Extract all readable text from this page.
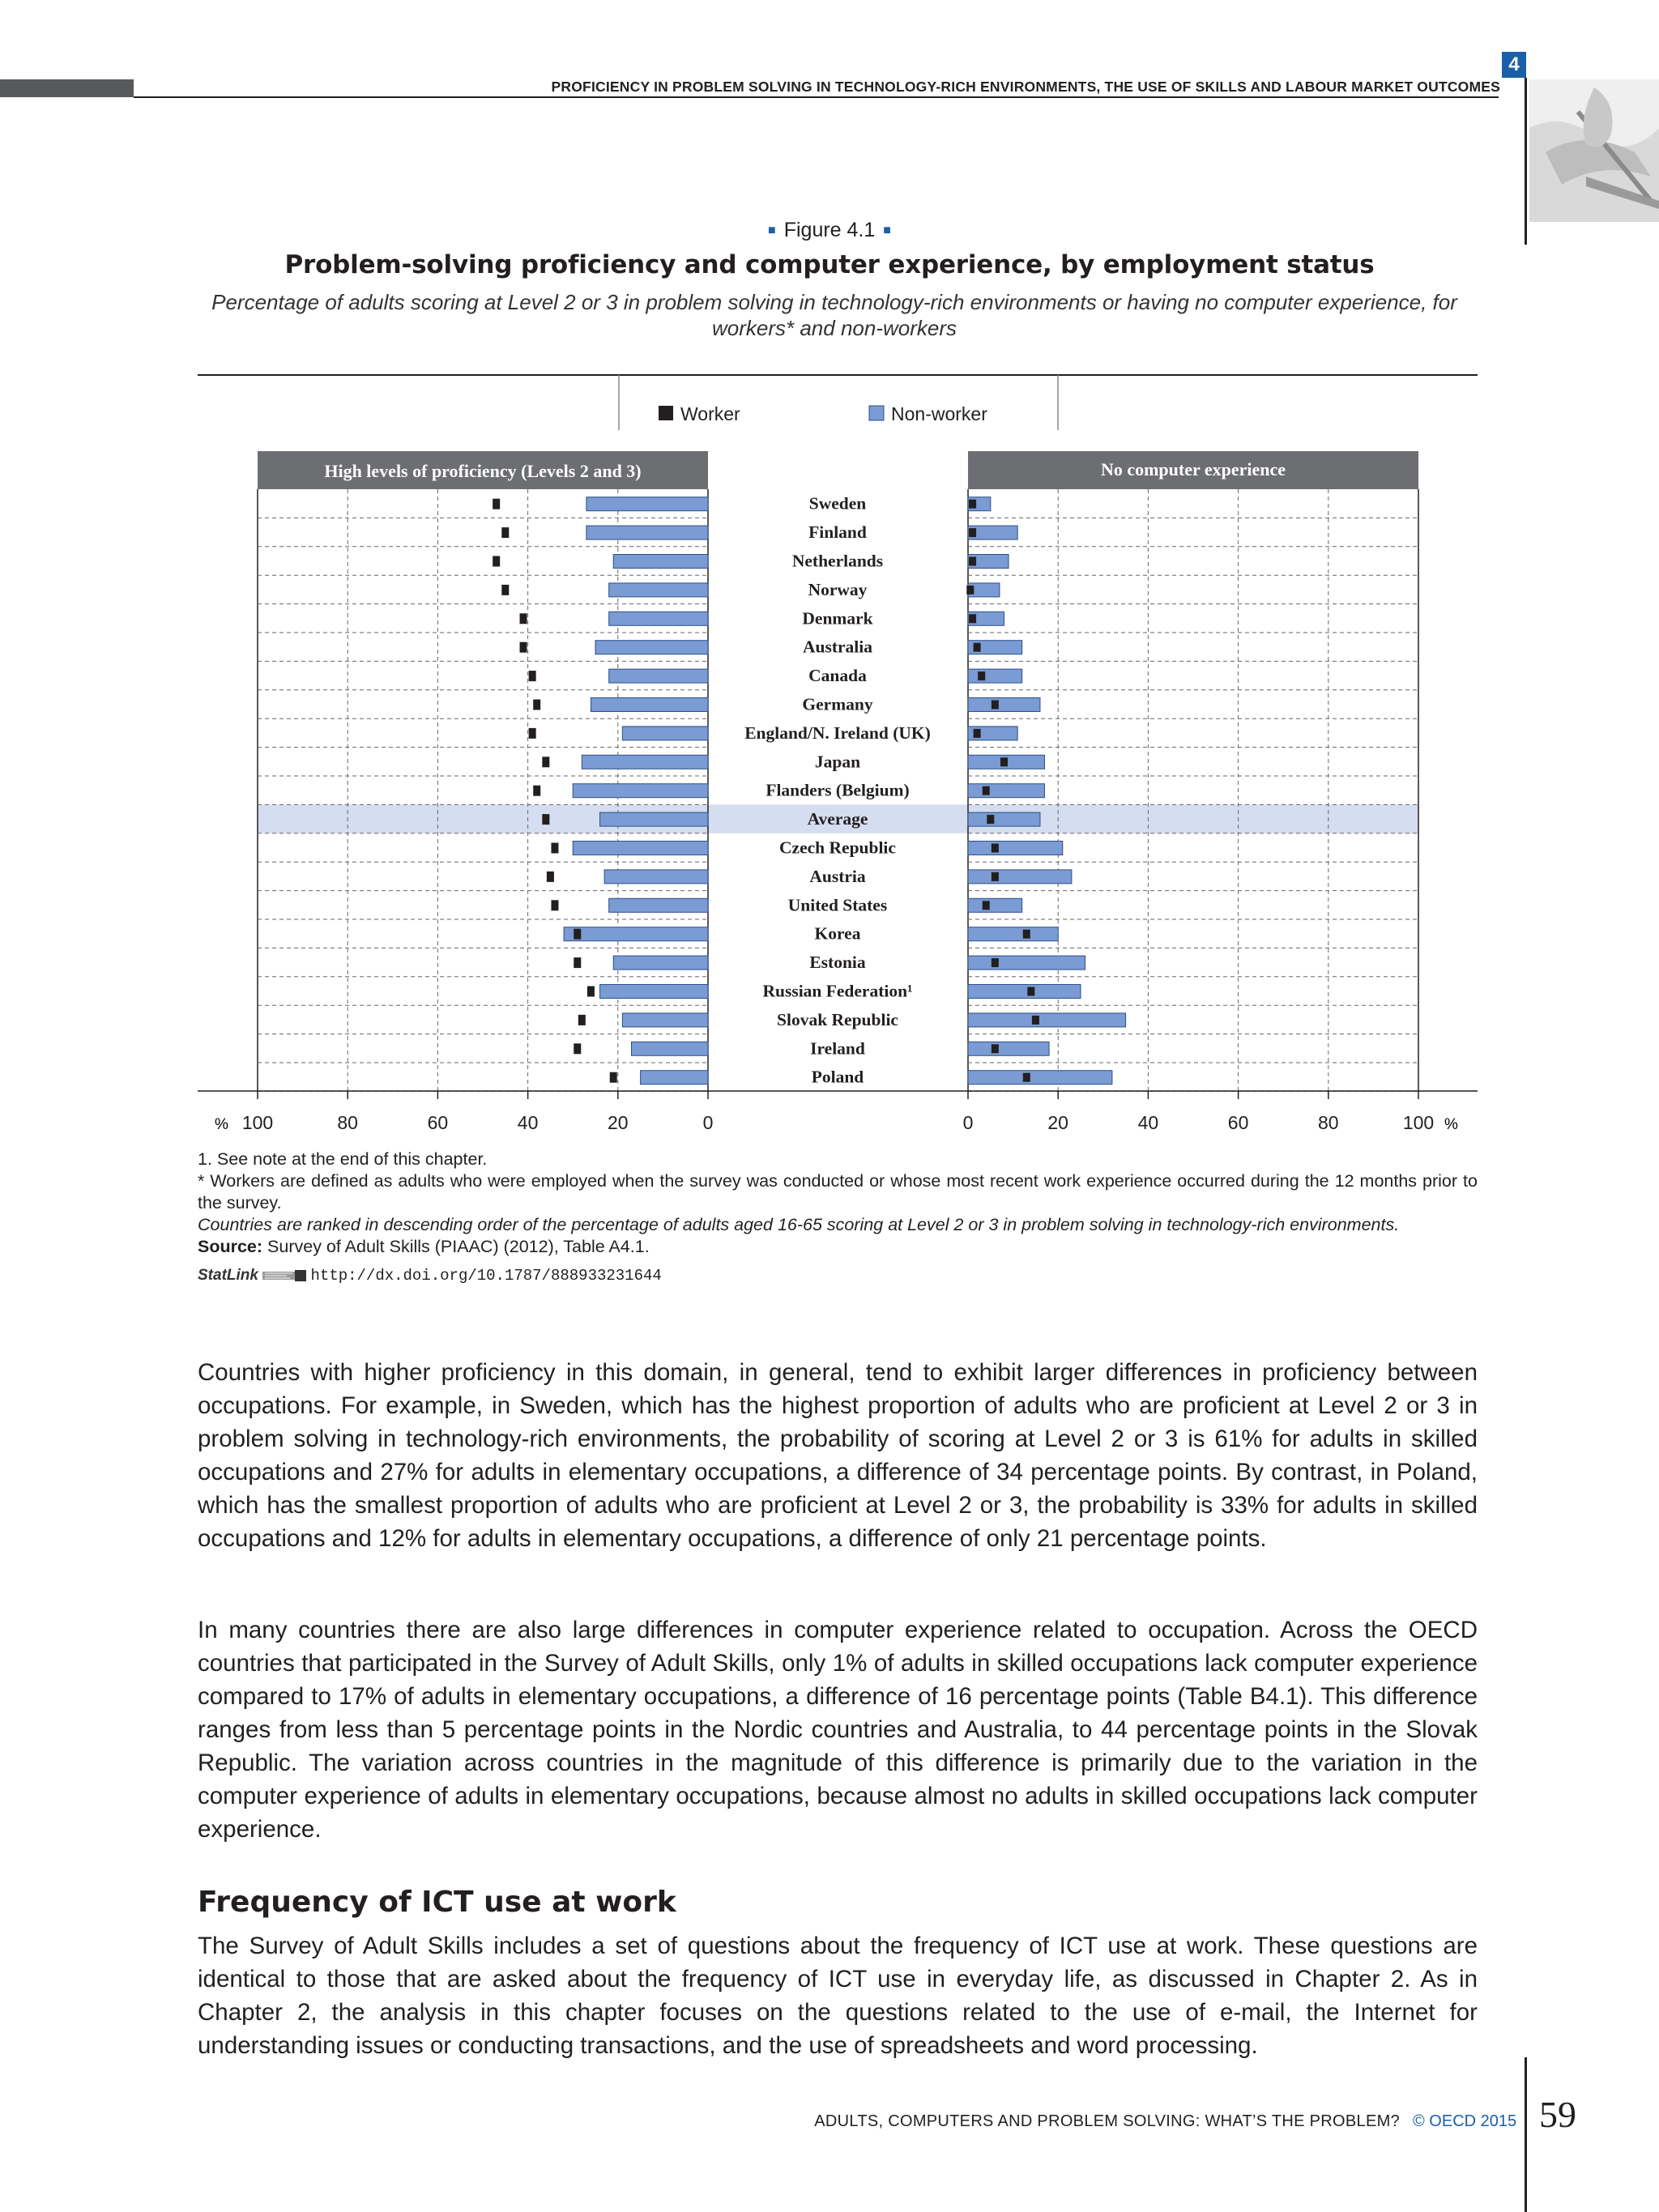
PROFICIENCY IN PROBLEM SOLVING IN TECHNOLOGY-RICH ENVIRONMENTS, THE USE OF SKILLS AND LABOUR MARKET OUTCOMES
4
■ Figure 4.1 ■
Problem-solving proficiency and computer experience, by employment status
Percentage of adults scoring at Level 2 or 3 in problem solving in technology-rich environments or having no computer experience, for workers* and non-workers
Worker	Non-worker
High levels of proficiency (Levels 2 and 3)	No computer experience
Sweden
Finland
Netherlands
Norway
Denmark
Australia
Canada
Germany
England/N. Ireland (UK)
Japan
Flanders (Belgium)
Average
Czech Republic
Austria
United States
Korea
Estonia
Russian Federation¹
Slovak Republic
Ireland
Poland
100	80	60	40	20	0	0	20	40	60	80	100
%	%
1. See note at the end of this chapter.
* Workers are defined as adults who were employed when the survey was conducted or whose most recent work experience occurred during the 12 months prior to the survey.
Countries are ranked in descending order of the percentage of adults aged 16-65 scoring at Level 2 or 3 in problem solving in technology-rich environments.
Source: Survey of Adult Skills (PIAAC) (2012), Table A4.1.
StatLink	http://dx.doi.org/10.1787/888933231644
Countries with higher proficiency in this domain, in general, tend to exhibit larger differences in proficiency between occupations. For example, in Sweden, which has the highest proportion of adults who are proficient at Level 2 or 3 in problem solving in technology-rich environments, the probability of scoring at Level 2 or 3 is 61% for adults in skilled occupations and 27% for adults in elementary occupations, a difference of 34 percentage points. By contrast, in Poland, which has the smallest proportion of adults who are proficient at Level 2 or 3, the probability is 33% for adults in skilled occupations and 12% for adults in elementary occupations, a difference of only 21 percentage points.
In many countries there are also large differences in computer experience related to occupation. Across the OECD countries that participated in the Survey of Adult Skills, only 1% of adults in skilled occupations lack computer experience compared to 17% of adults in elementary occupations, a difference of 16 percentage points (Table B4.1). This difference ranges from less than 5 percentage points in the Nordic countries and Australia, to 44 percentage points in the Slovak Republic. The variation across countries in the magnitude of this difference is primarily due to the variation in the computer experience of adults in elementary occupations, because almost no adults in skilled occupations lack computer experience.
Frequency of ICT use at work
The Survey of Adult Skills includes a set of questions about the frequency of ICT use at work. These questions are identical to those that are asked about the frequency of ICT use in everyday life, as discussed in Chapter 2. As in Chapter 2, the analysis in this chapter focuses on the questions related to the use of e-mail, the Internet for understanding issues or conducting transactions, and the use of spreadsheets and word processing.
ADULTS, COMPUTERS AND PROBLEM SOLVING: WHAT’S THE PROBLEM? © OECD 2015 59
